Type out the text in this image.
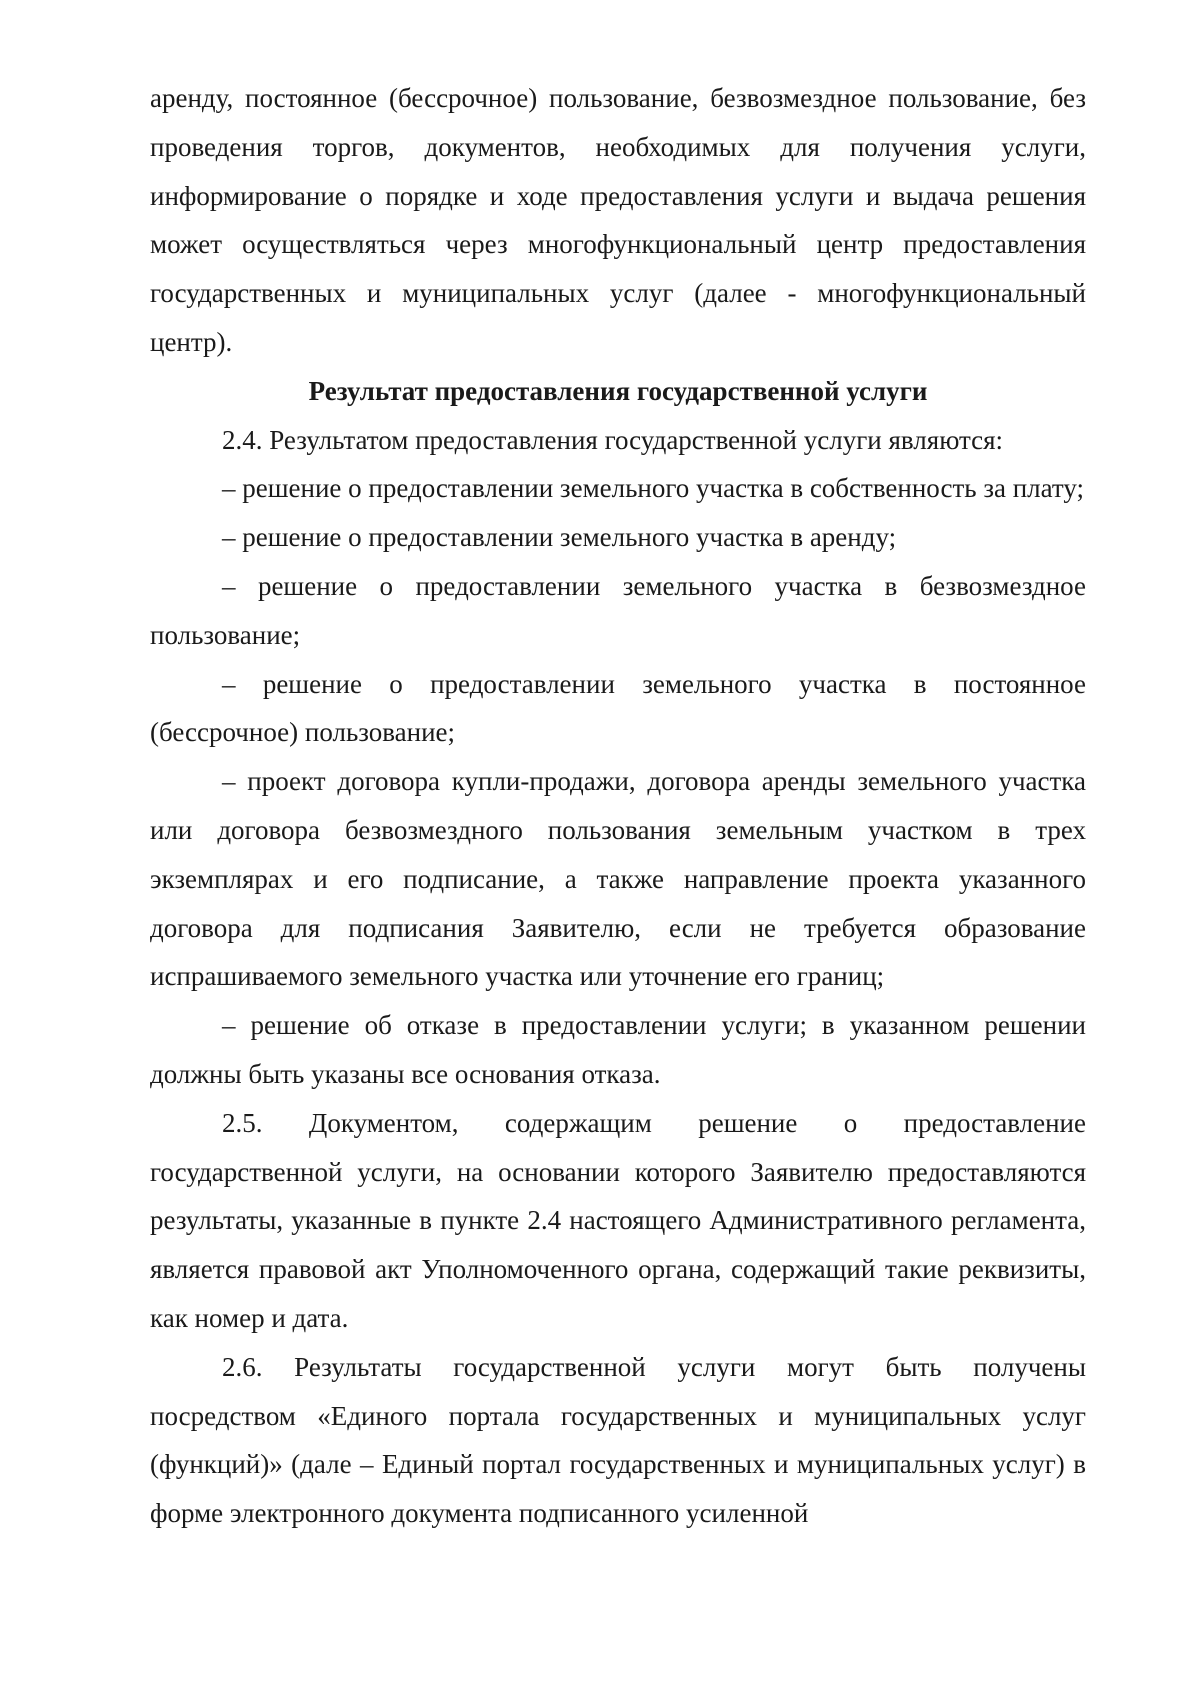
аренду, постоянное (бессрочное) пользование, безвозмездное пользование, без проведения торгов, документов, необходимых для получения услуги, информирование о порядке и ходе предоставления услуги и выдача решения может осуществляться через многофункциональный центр предоставления государственных и муниципальных услуг (далее - многофункциональный центр).

Результат предоставления государственной услуги

2.4. Результатом предоставления государственной услуги являются:

– решение о предоставлении земельного участка в собственность за плату;

– решение о предоставлении земельного участка в аренду;

– решение о предоставлении земельного участка в безвозмездное пользование;

– решение о предоставлении земельного участка в постоянное (бессрочное) пользование;

– проект договора купли-продажи, договора аренды земельного участка или договора безвозмездного пользования земельным участком в трех экземплярах и его подписание, а также направление проекта указанного договора для подписания Заявителю, если не требуется образование испрашиваемого земельного участка или уточнение его границ;

– решение об отказе в предоставлении услуги; в указанном решении должны быть указаны все основания отказа.

2.5. Документом, содержащим решение о предоставление государственной услуги, на основании которого Заявителю предоставляются результаты, указанные в пункте 2.4 настоящего Административного регламента, является правовой акт Уполномоченного органа, содержащий такие реквизиты, как номер и дата.

2.6. Результаты государственной услуги могут быть получены посредством «Единого портала государственных и муниципальных услуг (функций)» (дале – Единый портал государственных и муниципальных услуг) в форме электронного документа подписанного усиленной
